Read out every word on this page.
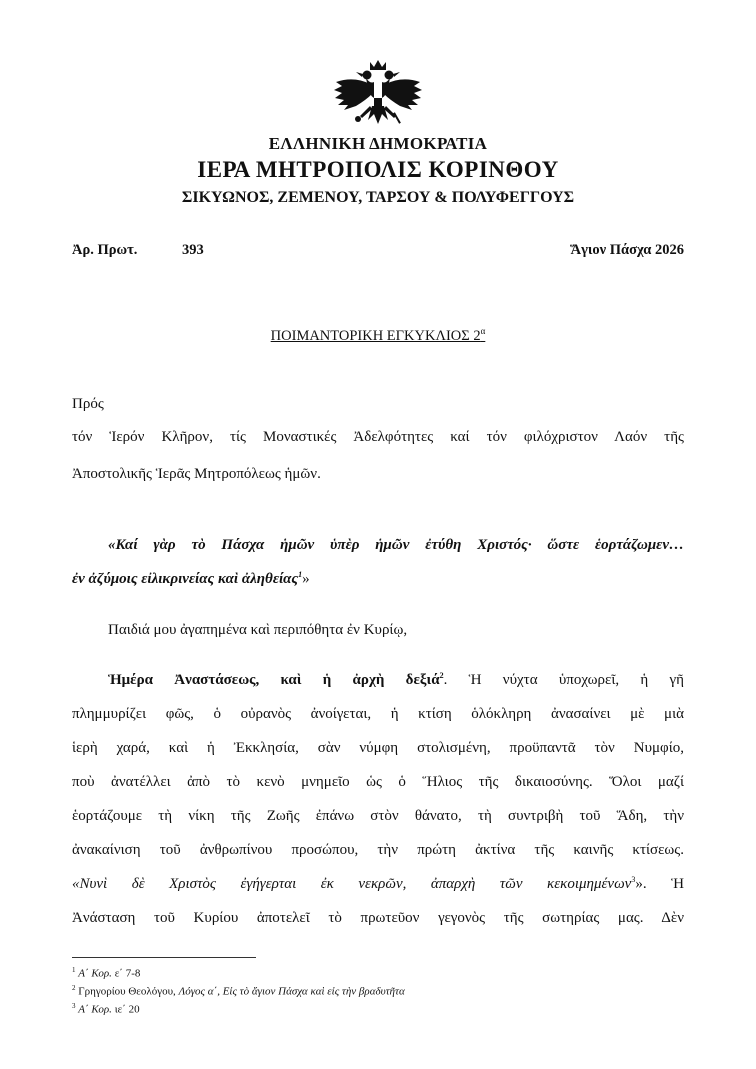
ΕΛΛΗΝΙΚΗ ΔΗΜΟΚΡΑΤΙΑ
ΙΕΡΑ ΜΗΤΡΟΠΟΛΙΣ ΚΟΡΙΝΘΟΥ
ΣΙΚΥΩΝΟΣ, ΖΕΜΕΝΟΥ, ΤΑΡΣΟΥ & ΠΟΛΥΦΕΓΓΟΥΣ
Ἀρ. Πρωτ.	393	Ἅγιον Πάσχα 2026
ΠΟΙΜΑΝΤΟΡΙΚΗ ΕΓΚΥΚΛΙΟΣ $2^\alpha$
Πρός
τόν Ἱερόν Κλῆρον, τίς Μοναστικές Ἀδελφότητες καί τόν φιλόχριστον Λαόν τῆς
Ἀποστολικῆς Ἱερᾶς Μητροπόλεως ἡμῶν.
«Καί γὰρ τὸ Πάσχα ἡμῶν ὑπὲρ ἡμῶν ἐτύθη Χριστός· ὥστε ἑορτάζωμεν…
ἐν ἀζύμοις εἰλικρινείας καὶ ἀληθείας$^1$»
Παιδιά μου ἀγαπημένα καὶ περιπόθητα ἐν Κυρίῳ,
Ἡμέρα Ἀναστάσεως, καὶ ἡ ἀρχὴ δεξιά$^2$. Ἡ νύχτα ὑποχωρεῖ, ἡ γῆ
πλημμυρίζει φῶς, ὁ οὐρανὸς ἀνοίγεται, ἡ κτίση ὁλόκληρη ἀνασαίνει μὲ μιὰ
ἱερὴ χαρά, καὶ ἡ Ἐκκλησία, σὰν νύμφη στολισμένη, προϋπαντᾶ τὸν Νυμφίο,
ποὺ ἀνατέλλει ἀπὸ τὸ κενὸ μνημεῖο ὡς ὁ Ἥλιος τῆς δικαιοσύνης. Ὅλοι μαζί
ἑορτάζουμε τὴ νίκη τῆς Ζωῆς ἐπάνω στὸν θάνατο, τὴ συντριβὴ τοῦ Ἅδη, τὴν
ἀνακαίνιση τοῦ ἀνθρωπίνου προσώπου, τὴν πρώτη ἀκτίνα τῆς καινῆς κτίσεως.
«Νυνὶ δὲ Χριστὸς ἐγήγερται ἐκ νεκρῶν, ἀπαρχὴ τῶν κεκοιμημένων$^3$». Ἡ
Ἀνάσταση τοῦ Κυρίου ἀποτελεῖ τὸ πρωτεῦον γεγονὸς τῆς σωτηρίας μας. Δὲν
$^1$ Α΄ Κορ. ε΄ 7-8
$^2$ Γρηγορίου Θεολόγου, Λόγος α΄, Εἰς τὸ ἅγιον Πάσχα καὶ εἰς τὴν βραδυτῆτα
$^3$ Α΄ Κορ. ιε΄ 20
